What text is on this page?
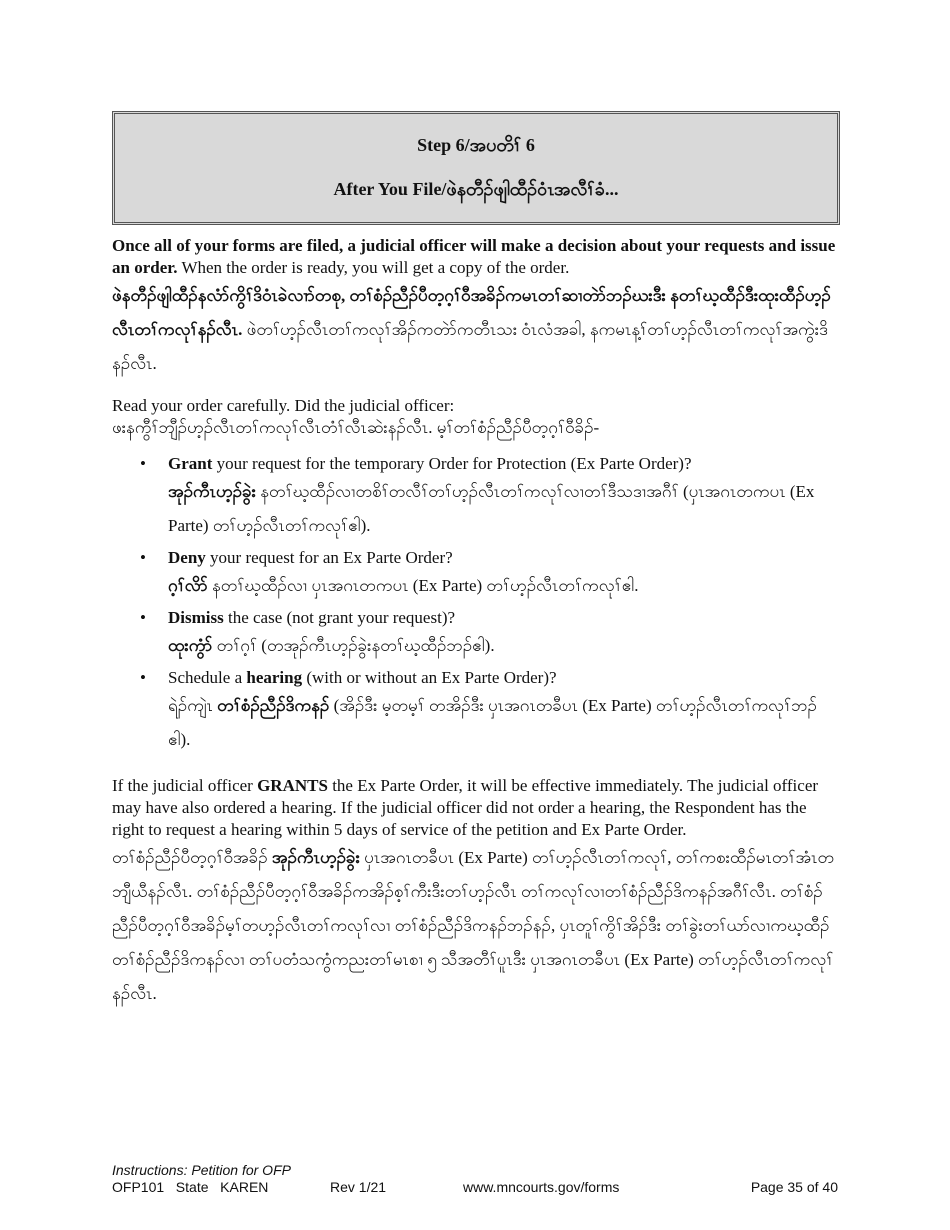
Step 6/အပတိၢ် 6
After You File/ဖဲနတီၣ်ဖျါထီၣ်ဝံၤအလီၢ်ခံ...

Once all of your forms are filed, a judicial officer will make a decision about your requests and issue an order. When the order is ready, you will get a copy of the order.

ဖဲနတီၣ်ဖျါထီၣ်နလံာ်ကွိၢ်ဒိဝံၤခဲလၢာ်တစု, တၢ်စံၣ်ညီၣ်ပီတ့ဂ့ၢ်ဝီအခိၣ်ကမၤတၢ်ဆၢတဲာ်ဘၣ်ဃးဒီး နတၢ်ဃ့ထီၣ်ဒီးထုးထီၣ်ဟ့ၣ်လီၤတၢ်ကလုၢ်နၣ်လီၤ. ဖဲတၢ်ဟ့ၣ်လီၤတၢ်ကလုၢ်အိၣ်ကတဲာ်ကတီၤသး ဝံၤလံအခါ, နကမၤန့ၢ်တၢ်ဟ့ၣ်လီၤတၢ်ကလုၢ်အကွဲးဒိနၣ်လီၤ.

Read your order carefully. Did the judicial officer:

ဖးနကွီၢ်ဘျီၣ်ဟ့ၣ်လီၤတၢ်ကလုၢ်လီၤတံၢ်လီၤဆဲးနၣ်လီၤ. မ့ၢ်တၢ်စံၣ်ညီၣ်ပီတ့ဂ့ၢ်ဝီခိၣ်-

• Grant your request for the temporary Order for Protection (Ex Parte Order)?

အုၣ်ကီၤဟ့ၣ်ခွဲး နတၢ်ဃ့ထီၣ်လၢတစိၢ်တလီၢ်တၢ်ဟ့ၣ်လီၤတၢ်ကလုၢ်လၢတၢ်ဒီသဒၢအဂီၢ် (ပှၤအဂၤတကပၤ (Ex Parte) တၢ်ဟ့ၣ်လီၤတၢ်ကလုၢ်ဧါ).

• Deny your request for an Ex Parte Order?

ဂ့ၢ်လိာ် နတၢ်ဃ့ထီၣ်လၢ ပှၤအဂၤတကပၤ (Ex Parte) တၢ်ဟ့ၣ်လီၤတၢ်ကလုၢ်ဧါ.

• Dismiss the case (not grant your request)?

ထုးကွံာ် တၢ်ဂ့ၢ် (တအုၣ်ကီၤဟ့ၣ်ခွဲးနတၢ်ဃ့ထီၣ်ဘၣ်ဧါ).

• Schedule a hearing (with or without an Ex Parte Order)?

ရဲၣ်ကျဲၤ တၢ်စံၣ်ညီၣ်ဒိကနၣ် (အိၣ်ဒီး မ့တမ့ၢ် တအိၣ်ဒီး ပှၤအဂၤတခီပၤ (Ex Parte) တၢ်ဟ့ၣ်လီၤတၢ်ကလုၢ်ဘၣ်ဧါ).

If the judicial officer GRANTS the Ex Parte Order, it will be effective immediately. The judicial officer may have also ordered a hearing. If the judicial officer did not order a hearing, the Respondent has the right to request a hearing within 5 days of service of the petition and Ex Parte Order.

တၢ်စံၣ်ညီၣ်ပီတ့ဂ့ၢ်ဝီအခိၣ် အုၣ်ကီၤဟ့ၣ်ခွဲး ပှၤအဂၤတခီပၤ (Ex Parte) တၢ်ဟ့ၣ်လီၤတၢ်ကလုၢ်, တၢ်ကစးထီၣ်မၤတၢ်အံၤတဘျီယီနၣ်လီၤ. တၢ်စံၣ်ညီၣ်ပီတ့ဂ့ၢ်ဝီအခိၣ်ကအိၣ်စ့ၢ်ကီးဒီးတၢ်ဟ့ၣ်လီၤ တၢ်ကလုၢ်လၢတၢ်စံၣ်ညီၣ်ဒိကနၣ်အဂီၢ်လီၤ. တၢ်စံၣ်ညီၣ်ပီတ့ဂ့ၢ်ဝီအခိၣ်မ့ၢ်တဟ့ၣ်လီၤတၢ်ကလုၢ်လၢ တၢ်စံၣ်ညီၣ်ဒိကနၣ်ဘၣ်နၣ်, ပှၤတူၢ်ကွိၢ်အိၣ်ဒီး တၢ်ခွဲးတၢ်ယာ်လၢကဃ့ထီၣ်တၢ်စံၣ်ညီၣ်ဒိကနၣ်လၢ တၢ်ပတံသကွံကညးတၢ်မၤစၢ ၅ သီအတီၢ်ပူၤဒီး ပှၤအဂၤတခီပၤ (Ex Parte) တၢ်ဟ့ၣ်လီၤတၢ်ကလုၢ် နၣ်လီၤ.

Instructions: Petition for OFP
OFP101   State   KAREN	Rev 1/21	www.mncourts.gov/forms	Page 35 of 40
